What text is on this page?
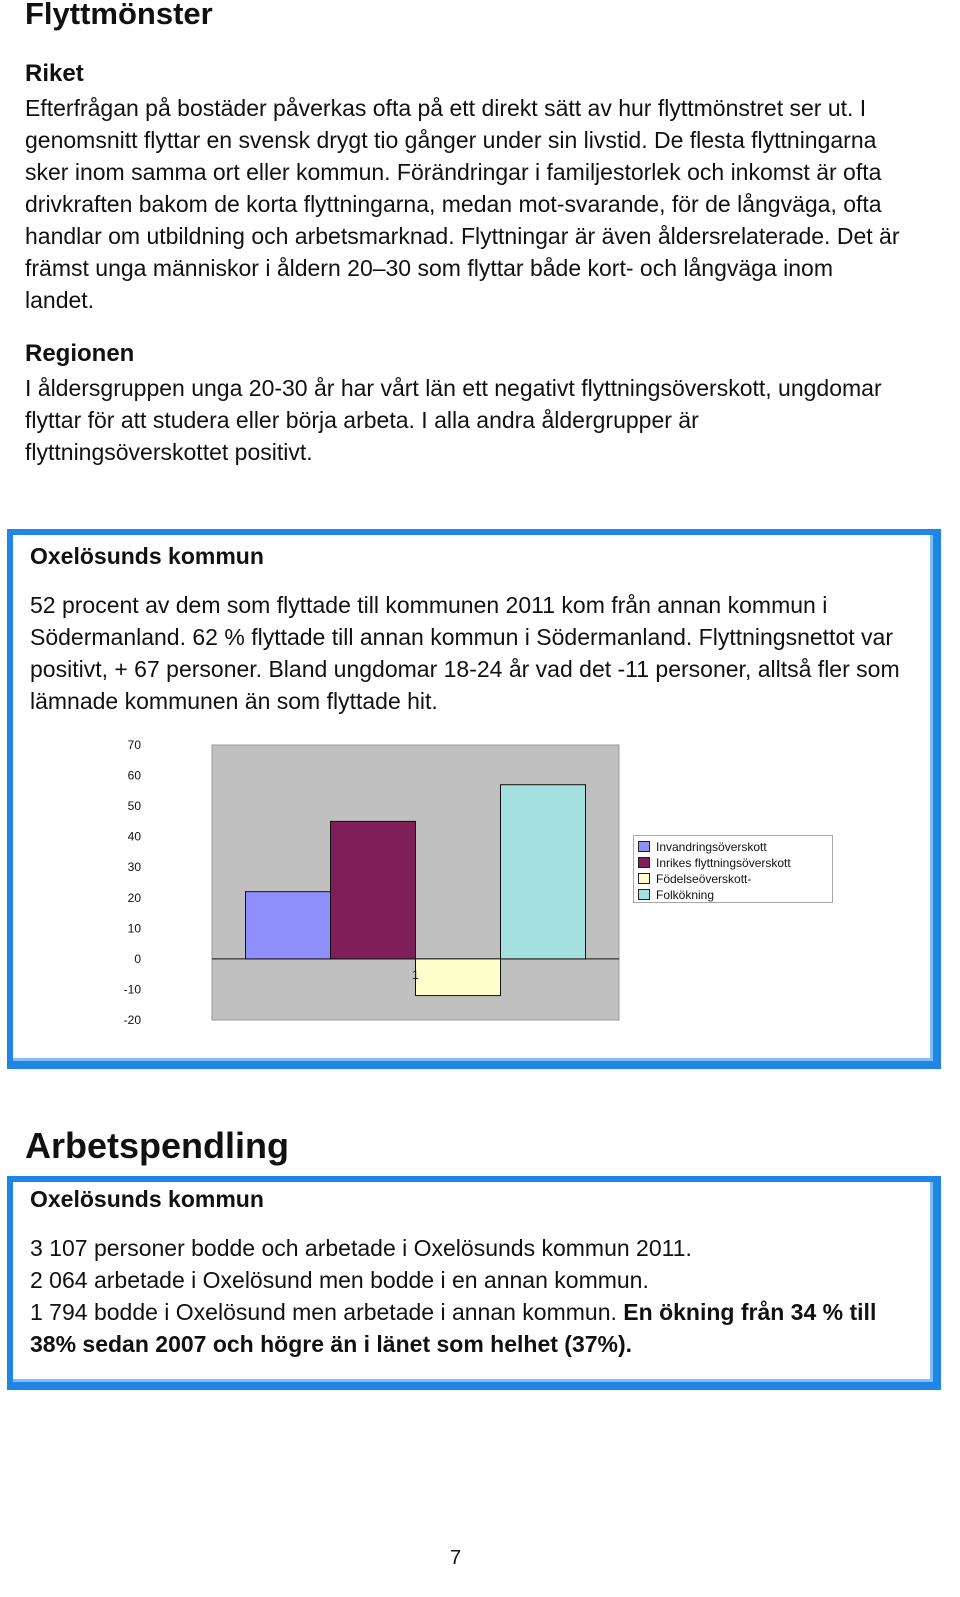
Flyttmönster
Riket

Efterfrågan på bostäder påverkas ofta på ett direkt sätt av hur flyttmönstret ser ut. I genomsnitt flyttar en svensk drygt tio gånger under sin livstid. De flesta flyttningarna sker inom samma ort eller kommun. Förändringar i familjestorlek och inkomst är ofta drivkraften bakom de korta flyttningarna, medan mot-svarande, för de långväga, ofta handlar om utbildning och arbetsmarknad. Flyttningar är även åldersrelaterade. Det är främst unga människor i åldern 20–30 som flyttar både kort- och långväga inom landet.

Regionen

I åldersgruppen unga 20-30 år har vårt län ett negativt flyttningsöverskott, ungdomar flyttar för att studera eller börja arbeta. I alla andra åldergrupper är flyttningsöverskottet positivt.

Oxelösunds kommun

52 procent av dem som flyttade till kommunen 2011 kom från annan kommun i Södermanland. 62 % flyttade till annan kommun i Södermanland. Flyttningsnettot var positivt, + 67 personer. Bland ungdomar 18-24 år vad det -11 personer, alltså fler som lämnade kommunen än som flyttade hit.

70
60
50
40
30
20
10
0
-10
-20
1
Invandringsöverskott
Inrikes flyttningsöverskott
Födelseöverskott-
Folkökning
Arbetspendling
Oxelösunds kommun

3 107 personer bodde och arbetade i Oxelösunds kommun 2011.
2 064 arbetade i Oxelösund men bodde i en annan kommun.
1 794 bodde i Oxelösund men arbetade i annan kommun. En ökning från 34 % till 38% sedan 2007 och högre än i länet som helhet (37%).

7
